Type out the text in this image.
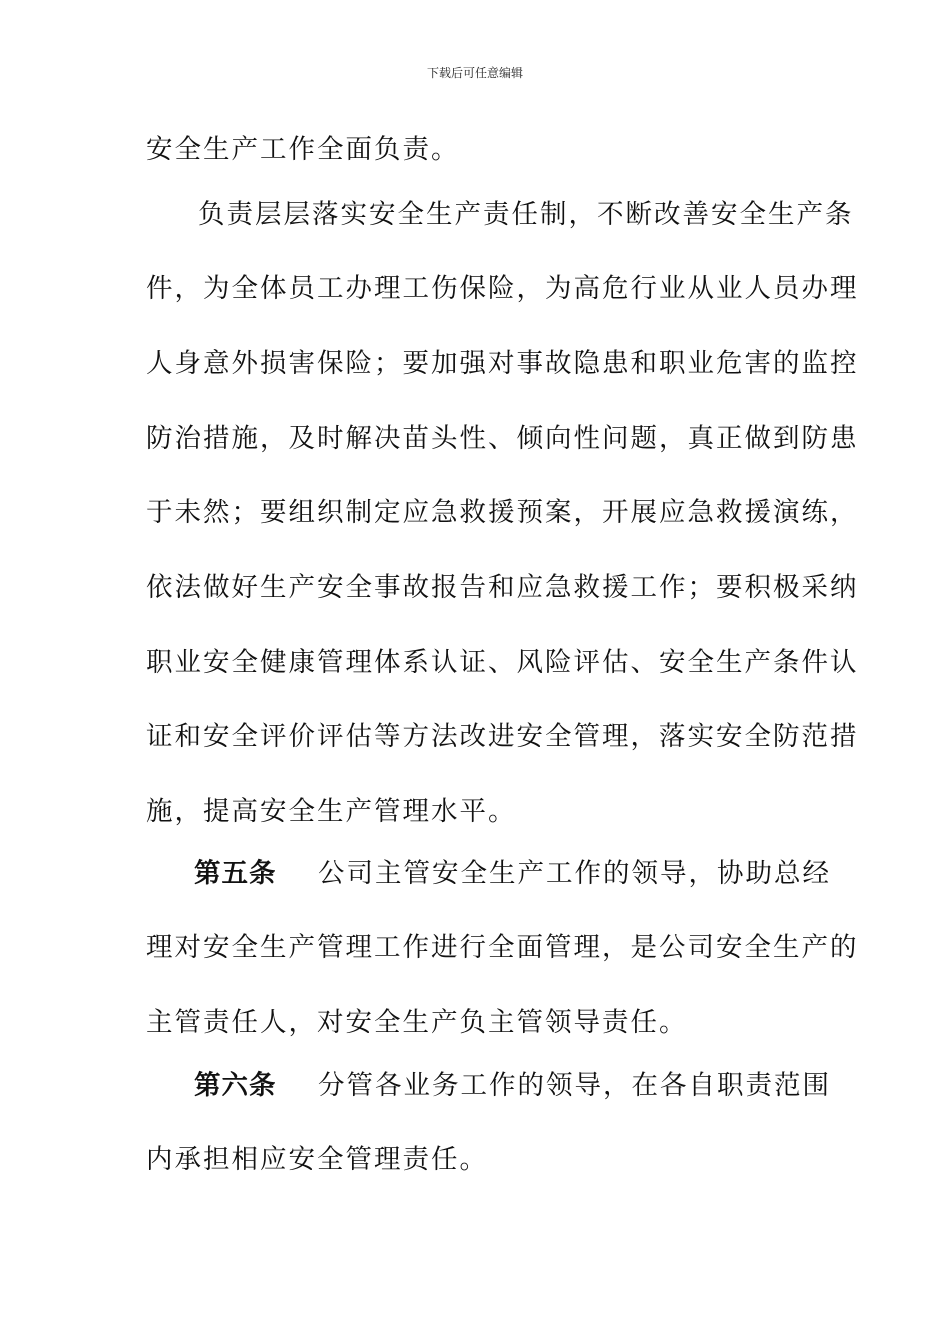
下载后可任意编辑
安全生产工作全面负责。
负责层层落实安全生产责任制，不断改善安全生产条
件，为全体员工办理工伤保险，为高危行业从业人员办理
人身意外损害保险；要加强对事故隐患和职业危害的监控
防治措施，及时解决苗头性、倾向性问题，真正做到防患
于未然；要组织制定应急救援预案，开展应急救援演练，
依法做好生产安全事故报告和应急救援工作；要积极采纳
职业安全健康管理体系认证、风险评估、安全生产条件认
证和安全评价评估等方法改进安全管理，落实安全防范措
施，提高安全生产管理水平。
第五条 公司主管安全生产工作的领导，协助总经
理对安全生产管理工作进行全面管理，是公司安全生产的
主管责任人，对安全生产负主管领导责任。
第六条 分管各业务工作的领导，在各自职责范围
内承担相应安全管理责任。
